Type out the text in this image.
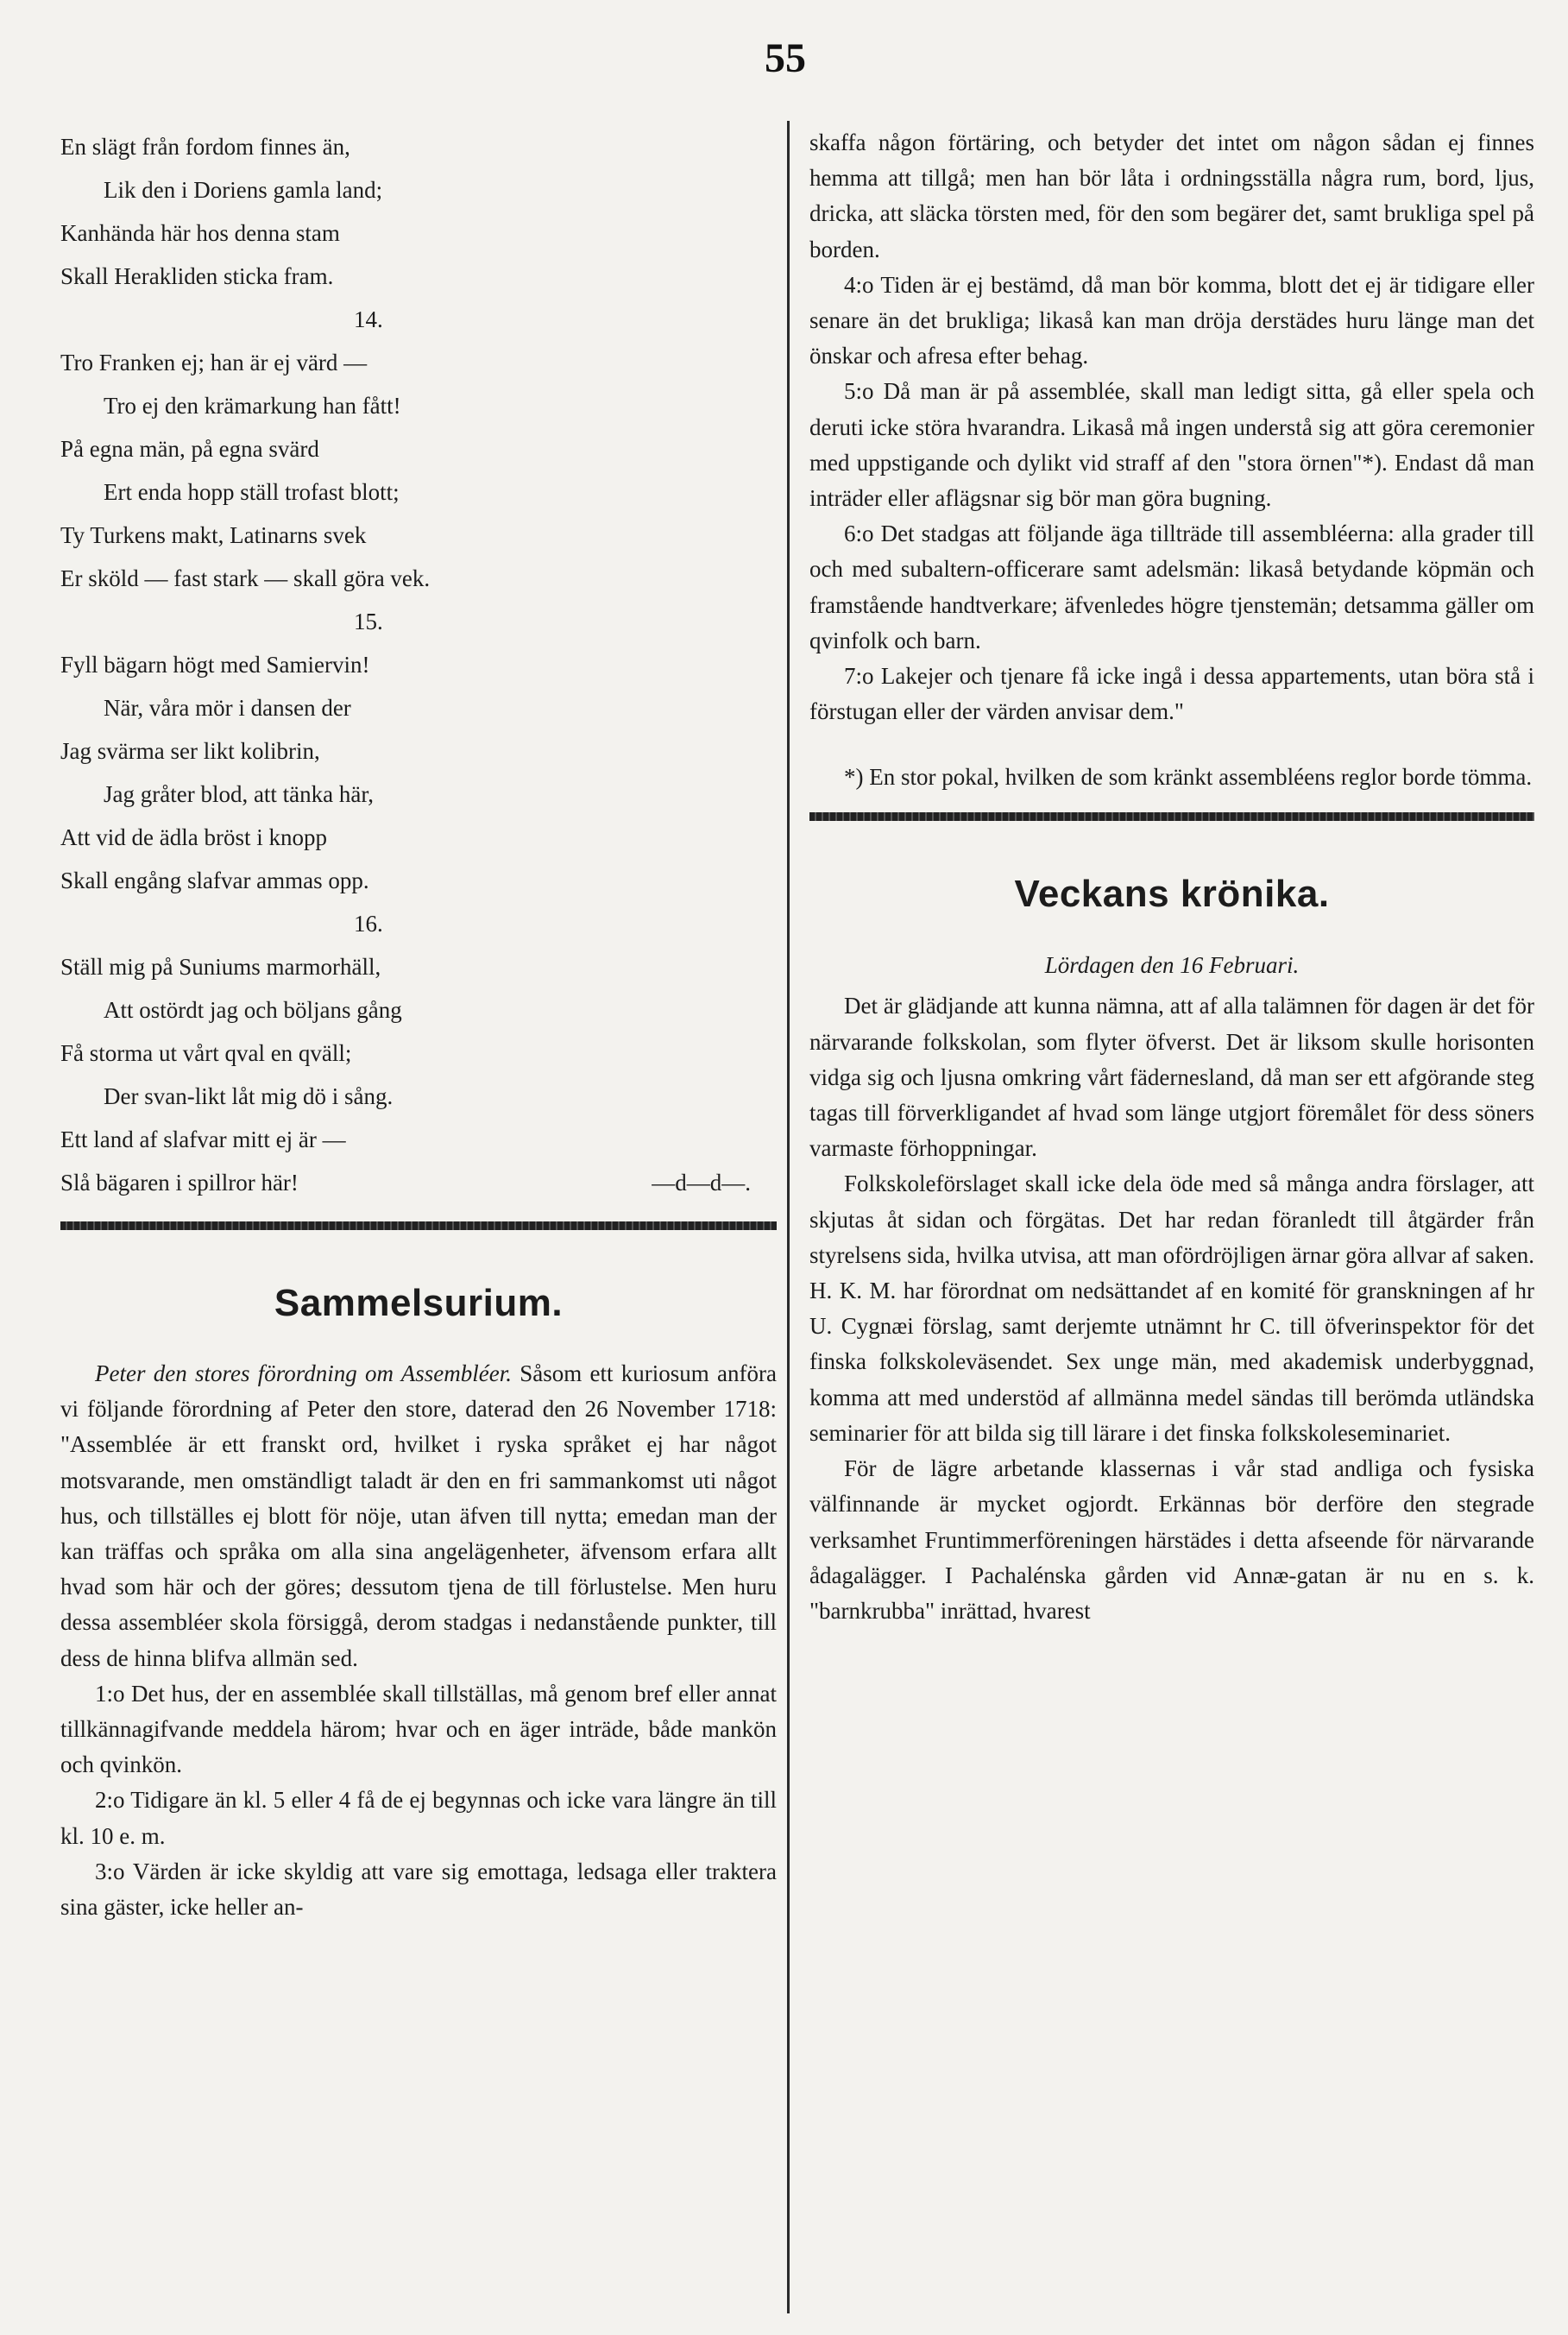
55
En slägt från fordom finnes än,
Lik den i Doriens gamla land;
Kanhända här hos denna stam
Skall Herakliden sticka fram.
14.
Tro Franken ej; han är ej värd —
Tro ej den krämarkung han fått!
På egna män, på egna svärd
Ert enda hopp ställ trofast blott;
Ty Turkens makt, Latinarns svek
Er sköld — fast stark — skall göra vek.
15.
Fyll bägarn högt med Samiervin!
När, våra mör i dansen der
Jag svärma ser likt kolibrin,
Jag gråter blod, att tänka här,
Att vid de ädla bröst i knopp
Skall engång slafvar ammas opp.
16.
Ställ mig på Suniums marmorhäll,
Att ostördt jag och böljans gång
Få storma ut vårt qval en qväll;
Der svan-likt låt mig dö i sång.
Ett land af slafvar mitt ej är —
Slå bägaren i spillror här!	—d—d—.
Sammelsurium.

Peter den stores förordning om Assembléer. Såsom ett kuriosum anföra vi följande förordning af Peter den store, daterad den 26 November 1718: "Assemblée är ett franskt ord, hvilket i ryska språket ej har något motsvarande, men omständligt taladt är den en fri sammankomst uti något hus, och tillställes ej blott för nöje, utan äfven till nytta; emedan man der kan träffas och språka om alla sina angelägenheter, äfvensom erfara allt hvad som här och der göres; dessutom tjena de till förlustelse. Men huru dessa assembléer skola försiggå, derom stadgas i nedanstående punkter, till dess de hinna blifva allmän sed.

1:o Det hus, der en assemblée skall tillställas, må genom bref eller annat tillkännagifvande meddela härom; hvar och en äger inträde, både mankön och qvinkön.

2:o Tidigare än kl. 5 eller 4 få de ej begynnas och icke vara längre än till kl. 10 e. m.

3:o Värden är icke skyldig att vare sig emottaga, ledsaga eller traktera sina gäster, icke heller an-

skaffa någon förtäring, och betyder det intet om någon sådan ej finnes hemma att tillgå; men han bör låta i ordningsställa några rum, bord, ljus, dricka, att släcka törsten med, för den som begärer det, samt brukliga spel på borden.

4:o Tiden är ej bestämd, då man bör komma, blott det ej är tidigare eller senare än det brukliga; likaså kan man dröja derstädes huru länge man det önskar och afresa efter behag.

5:o Då man är på assemblée, skall man ledigt sitta, gå eller spela och deruti icke störa hvarandra. Likaså må ingen understå sig att göra ceremonier med uppstigande och dylikt vid straff af den "stora örnen"*). Endast då man inträder eller aflägsnar sig bör man göra bugning.

6:o Det stadgas att följande äga tillträde till assembléerna: alla grader till och med subaltern-officerare samt adelsmän: likaså betydande köpmän och framstående handtverkare; äfvenledes högre tjenstemän; detsamma gäller om qvinfolk och barn.

7:o Lakejer och tjenare få icke ingå i dessa appartements, utan böra stå i förstugan eller der värden anvisar dem."

*) En stor pokal, hvilken de som kränkt assembléens reglor borde tömma.

Veckans krönika.
Lördagen den 16 Februari.

Det är glädjande att kunna nämna, att af alla talämnen för dagen är det för närvarande folkskolan, som flyter öfverst. Det är liksom skulle horisonten vidga sig och ljusna omkring vårt fädernesland, då man ser ett afgörande steg tagas till förverkligandet af hvad som länge utgjort föremålet för dess söners varmaste förhoppningar.

Folkskoleförslaget skall icke dela öde med så många andra förslager, att skjutas åt sidan och förgätas. Det har redan föranledt till åtgärder från styrelsens sida, hvilka utvisa, att man ofördröjligen ärnar göra allvar af saken. H. K. M. har förordnat om nedsättandet af en komité för granskningen af hr U. Cygnæi förslag, samt derjemte utnämnt hr C. till öfverinspektor för det finska folkskoleväsendet. Sex unge män, med akademisk underbyggnad, komma att med understöd af allmänna medel sändas till berömda utländska seminarier för att bilda sig till lärare i det finska folkskoleseminariet.

För de lägre arbetande klassernas i vår stad andliga och fysiska välfinnande är mycket ogjordt. Erkännas bör derföre den stegrade verksamhet Fruntimmerföreningen härstädes i detta afseende för närvarande ådagalägger. I Pachalénska gården vid Annæ-gatan är nu en s. k. "barnkrubba" inrättad, hvarest
